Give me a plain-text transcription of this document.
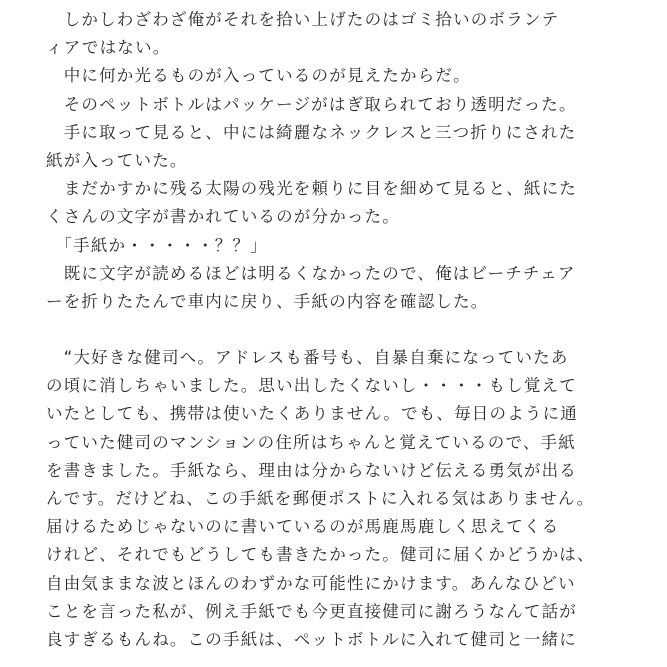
　しかしわざわざ俺がそれを拾い上げたのはゴミ拾いのボランテ
ィアではない。
　中に何か光るものが入っているのが見えたからだ。
　そのペットボトルはパッケージがはぎ取られており透明だった。
　手に取って見ると、中には綺麗なネックレスと三つ折りにされた
紙が入っていた。
　まだかすかに残る太陽の残光を頼りに目を細めて見ると、紙にた
くさんの文字が書かれているのが分かった。
　「手紙か・・・・・？？」
　既に文字が読めるほどは明るくなかったので、俺はビーチチェア
ーを折りたたんで車内に戻り、手紙の内容を確認した。
　“大好きな健司へ。アドレスも番号も、自暴自棄になっていたあ
の頃に消しちゃいました。思い出したくないし・・・・もし覚えて
いたとしても、携帯は使いたくありません。でも、毎日のように通
っていた健司のマンションの住所はちゃんと覚えているので、手紙
を書きました。手紙なら、理由は分からないけど伝える勇気が出る
んです。だけどね、この手紙を郵便ポストに入れる気はありません。
届けるためじゃないのに書いているのが馬鹿馬鹿しく思えてくる
けれど、それでもどうしても書きたかった。健司に届くかどうかは、
自由気ままな波とほんのわずかな可能性にかけます。あんなひどい
ことを言った私が、例え手紙でも今更直接健司に謝ろうなんて話が
良すぎるもんね。この手紙は、ペットボトルに入れて健司と一緒に
